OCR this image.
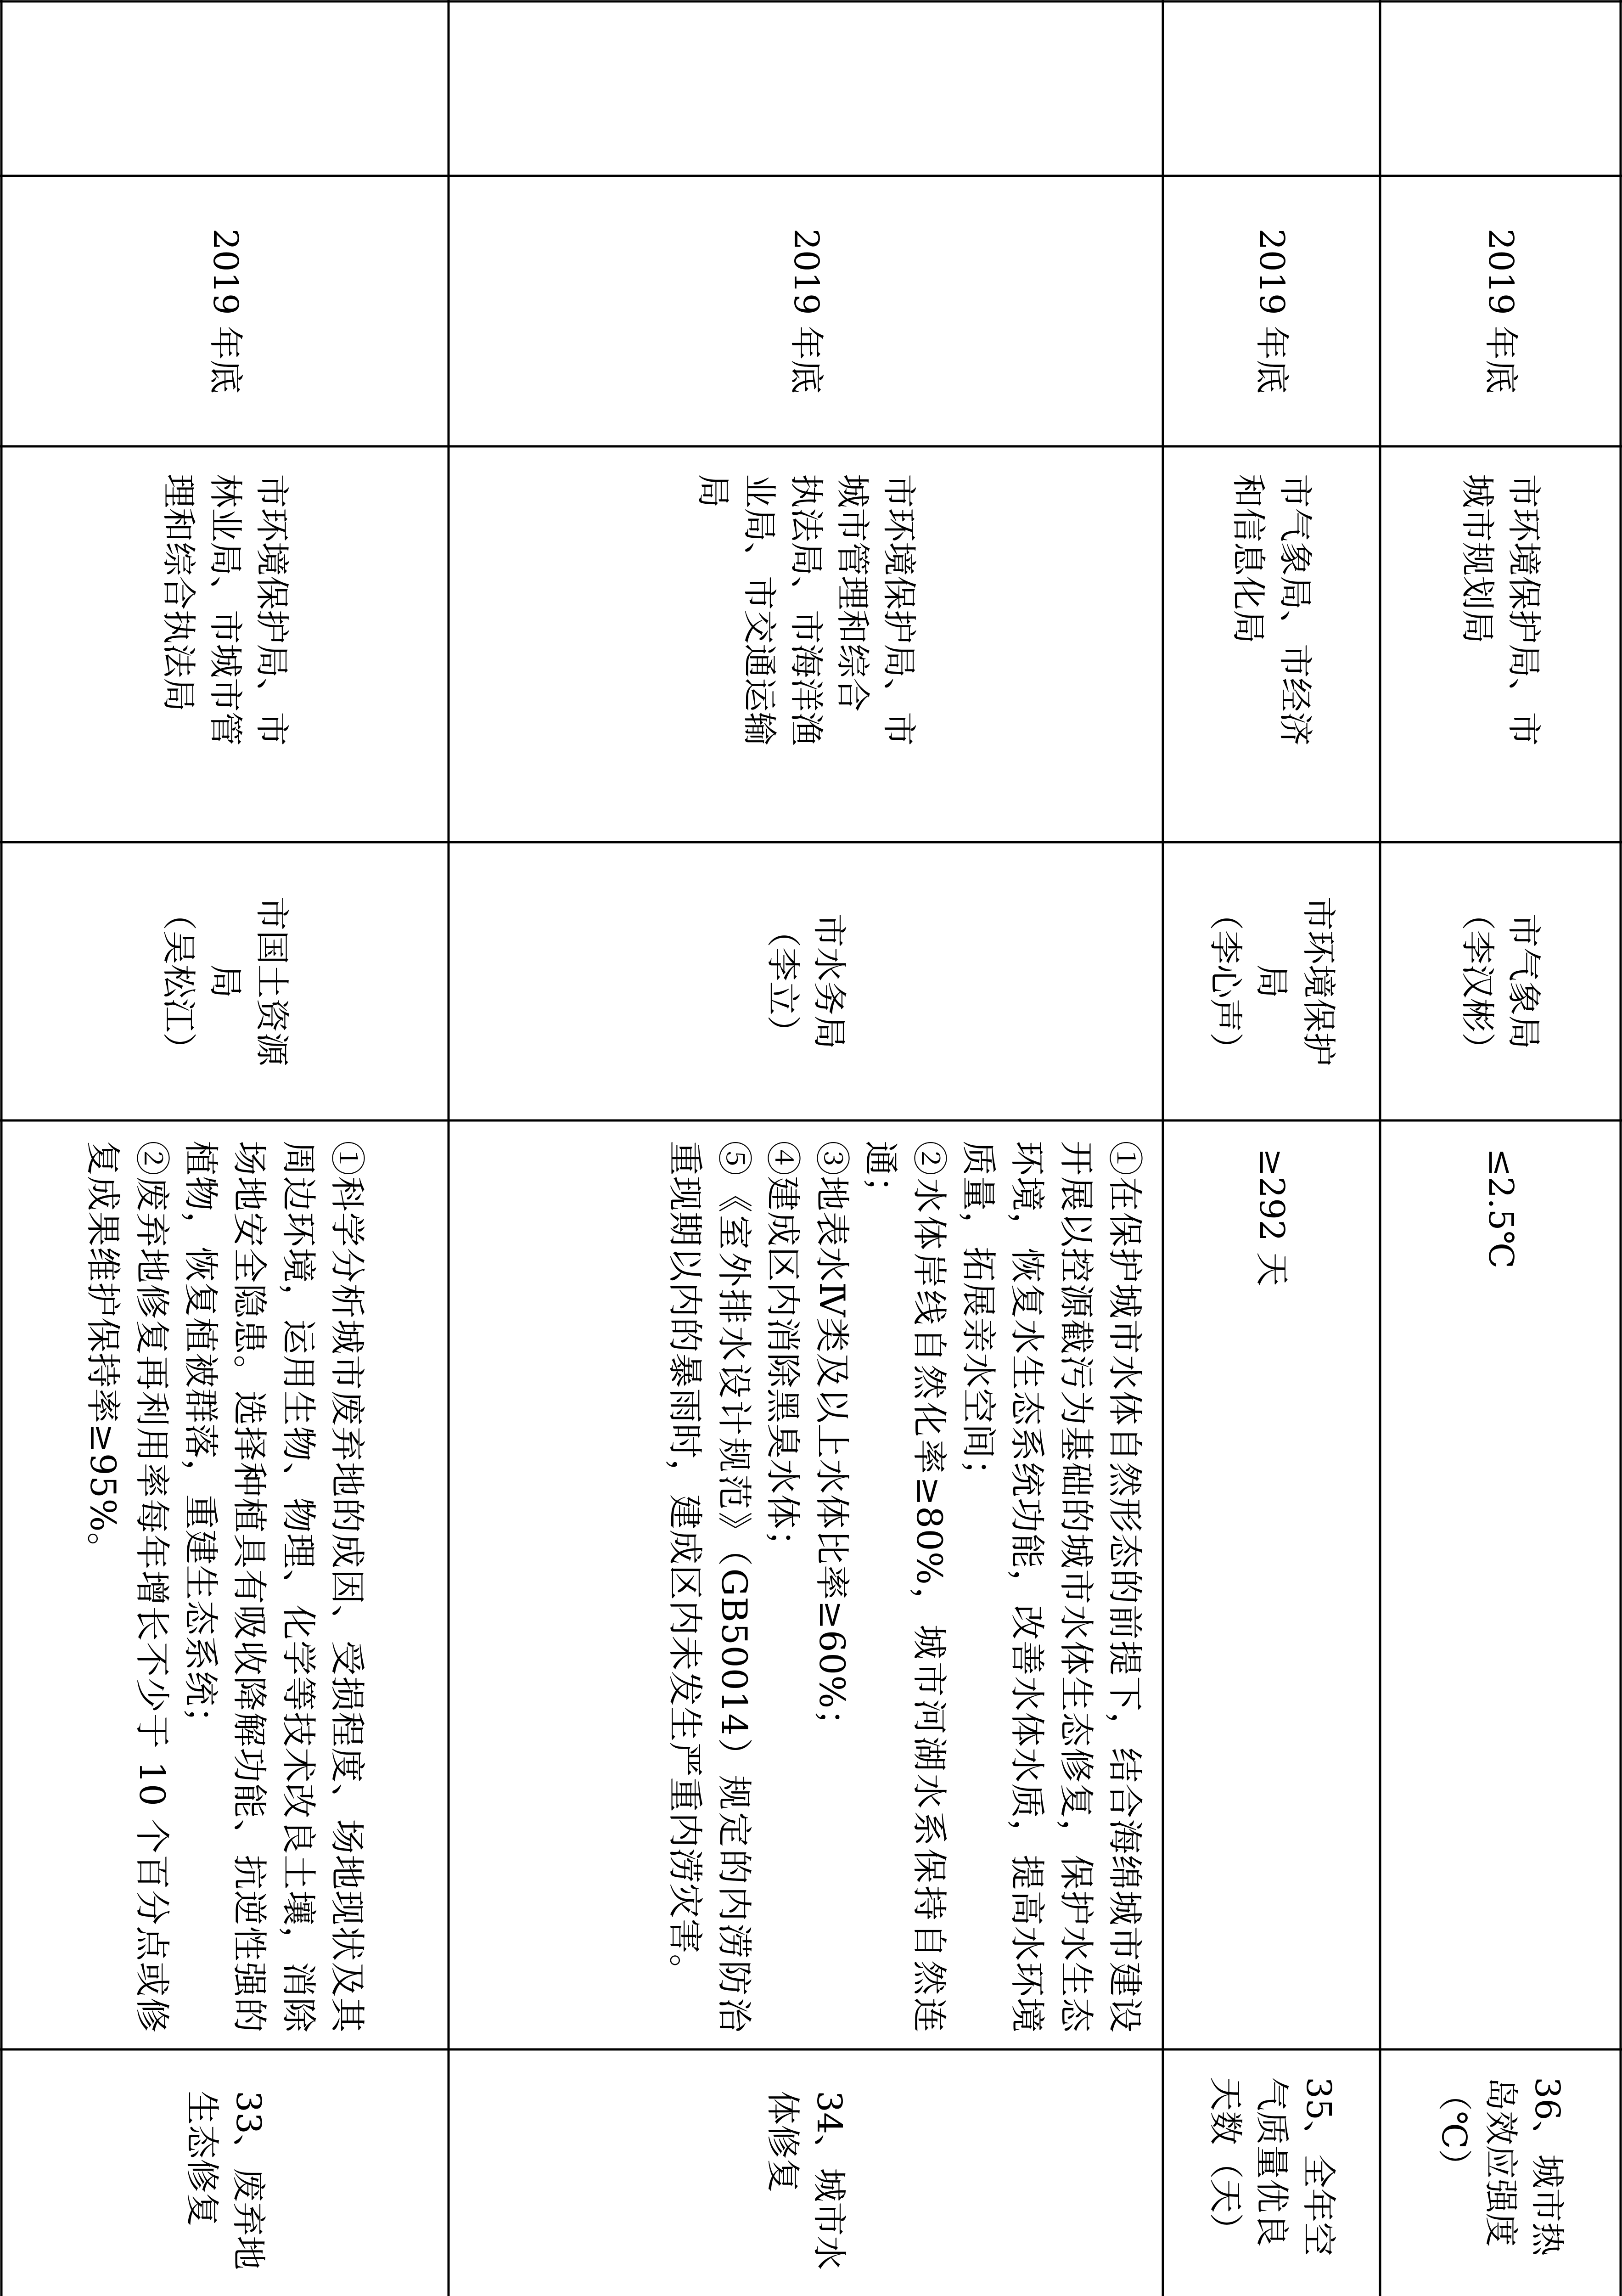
2019 年底
市环境保护局、市
林业局、市城市管
理和综合执法局
市国土资源
局
（吴松江）

①科学分析城市废弃地的成因、受损程度、场地现状及其周边环境，运用生物、物理、化学等技术改良土壤，消除场地安全隐患。选择种植具有吸收降解功能、抗逆性强的植物，恢复植被群落，重建生态系统；

②废弃地修复再利用率每年增长不少于 10 个百分点或修复成果维护保持率≥95%。

33、废弃地
生态修复
2019 年底
市环境保护局、市
城市管理和综合
执法局、市海洋渔
业局、市交通运输
局
市水务局
（李立）

①在保护城市水体自然形态的前提下，结合海绵城市建设开展以控源截污为基础的城市水体生态修复，保护水生态环境，恢复水生态系统功能，改善水体水质，提高水环境质量，拓展亲水空间；

②水体岸线自然化率≥80%，城市河湖水系保持自然连通；

③地表水Ⅳ类及以上水体比率≥60%；

④建成区内消除黑臭水体；

⑤《室外排水设计规范》（GB50014）规定的内涝防治重现期以内的暴雨时，建成区内未发生严重内涝灾害。

34、城市水
体修复
2019 年底
市气象局、市经济
和信息化局
市环境保护
局
（李心声）
≥292 天
35、全年空
气质量优良
天数（天）
2019 年底
市环境保护局、市
城市规划局
市气象局
（李汉彬）
≤2.5℃
36、城市热
岛效应强度
（℃）
